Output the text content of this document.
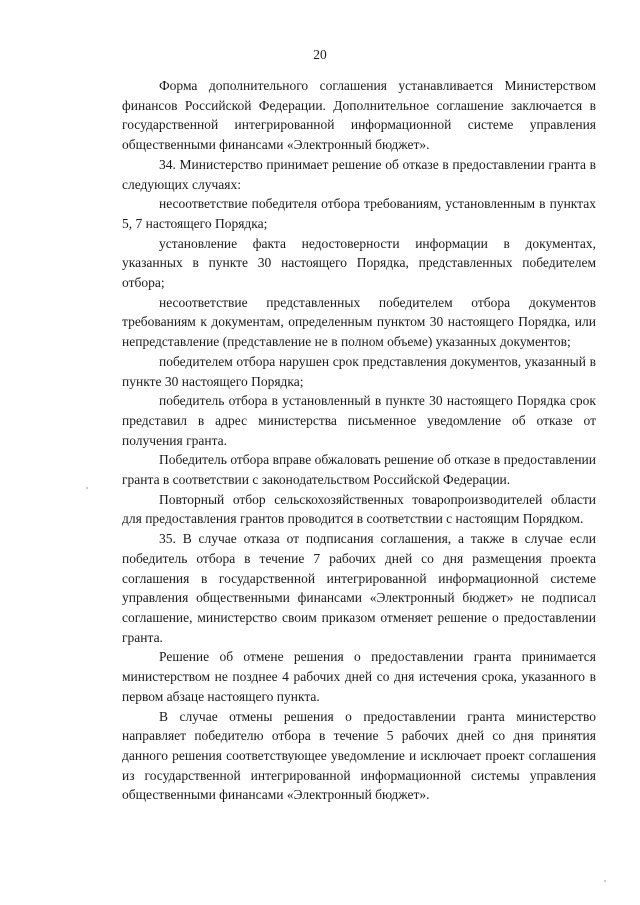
20

Форма дополнительного соглашения устанавливается Министерством финансов Российской Федерации. Дополнительное соглашение заключается в государственной интегрированной информационной системе управления общественными финансами «Электронный бюджет».

34. Министерство принимает решение об отказе в предоставлении гранта в следующих случаях:

несоответствие победителя отбора требованиям, установленным в пунктах 5, 7 настоящего Порядка;

установление факта недостоверности информации в документах, указанных в пункте 30 настоящего Порядка, представленных победителем отбора;

несоответствие представленных победителем отбора документов требованиям к документам, определенным пунктом 30 настоящего Порядка, или непредставление (представление не в полном объеме) указанных документов;

победителем отбора нарушен срок представления документов, указанный в пункте 30 настоящего Порядка;

победитель отбора в установленный в пункте 30 настоящего Порядка срок представил в адрес министерства письменное уведомление об отказе от получения гранта.

Победитель отбора вправе обжаловать решение об отказе в предоставлении гранта в соответствии с законодательством Российской Федерации.

Повторный отбор сельскохозяйственных товаропроизводителей области для предоставления грантов проводится в соответствии с настоящим Порядком.

35. В случае отказа от подписания соглашения, а также в случае если победитель отбора в течение 7 рабочих дней со дня размещения проекта соглашения в государственной интегрированной информационной системе управления общественными финансами «Электронный бюджет» не подписал соглашение, министерство своим приказом отменяет решение о предоставлении гранта.

Решение об отмене решения о предоставлении гранта принимается министерством не позднее 4 рабочих дней со дня истечения срока, указанного в первом абзаце настоящего пункта.

В случае отмены решения о предоставлении гранта министерство направляет победителю отбора в течение 5 рабочих дней со дня принятия данного решения соответствующее уведомление и исключает проект соглашения из государственной интегрированной информационной системы управления общественными финансами «Электронный бюджет».
